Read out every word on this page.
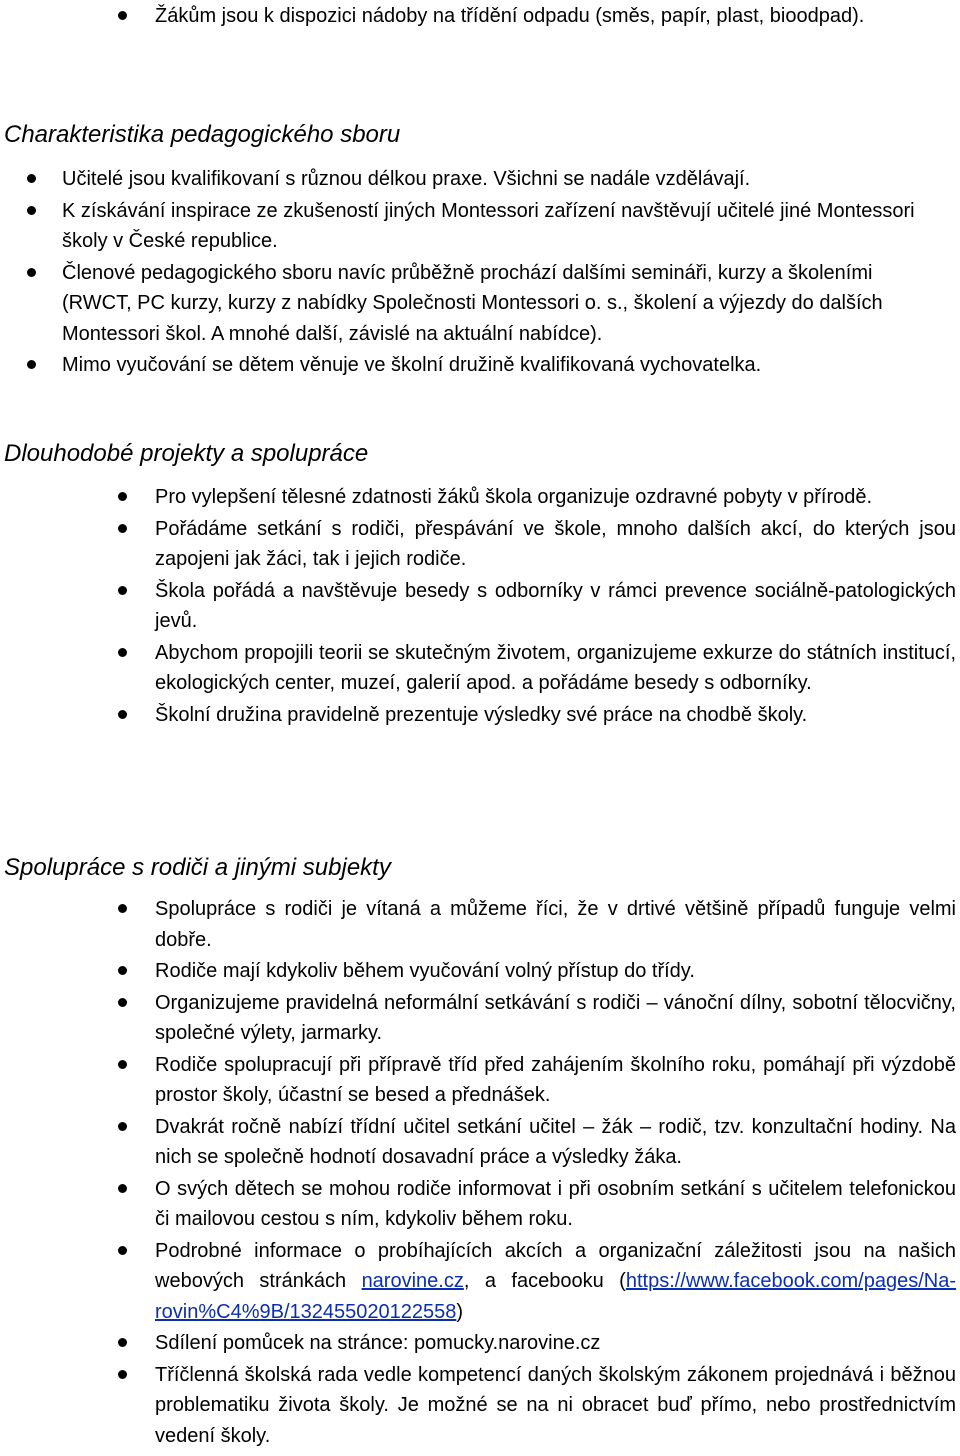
Žákům jsou k dispozici nádoby na třídění odpadu (směs, papír, plast, bioodpad).
Charakteristika pedagogického sboru
Učitelé jsou kvalifikovaní s různou délkou praxe. Všichni se nadále vzdělávají.
K získávání inspirace ze zkušeností jiných Montessori zařízení navštěvují učitelé jiné Montessori školy v České republice.
Členové pedagogického sboru navíc průběžně prochází dalšími semináři, kurzy a školeními (RWCT, PC kurzy, kurzy z nabídky Společnosti Montessori o. s., školení a výjezdy do dalších Montessori škol. A mnohé další, závislé na aktuální nabídce).
Mimo vyučování se dětem věnuje ve školní družině kvalifikovaná vychovatelka.
Dlouhodobé projekty a spolupráce
Pro vylepšení tělesné zdatnosti žáků škola organizuje ozdravné pobyty v přírodě.
Pořádáme setkání s rodiči, přespávání ve škole, mnoho dalších akcí, do kterých jsou zapojeni jak žáci, tak i jejich rodiče.
Škola pořádá a navštěvuje besedy s odborníky v rámci prevence sociálně-patologických jevů.
Abychom propojili teorii se skutečným životem, organizujeme exkurze do státních institucí, ekologických center, muzeí, galerií apod. a pořádáme besedy s odborníky.
Školní družina pravidelně prezentuje výsledky své práce na chodbě školy.
Spolupráce s rodiči a jinými subjekty
Spolupráce s rodiči je vítaná a můžeme říci, že v drtivé většině případů funguje velmi dobře.
Rodiče mají kdykoliv během vyučování volný přístup do třídy.
Organizujeme pravidelná neformální setkávání s rodiči – vánoční dílny, sobotní tělocvičny, společné výlety, jarmarky.
Rodiče spolupracují při přípravě tříd před zahájením školního roku, pomáhají při výzdobě prostor školy, účastní se besed a přednášek.
Dvakrát ročně nabízí třídní učitel setkání učitel – žák – rodič, tzv. konzultační hodiny. Na nich se společně hodnotí dosavadní práce a výsledky žáka.
O svých dětech se mohou rodiče informovat i při osobním setkání s učitelem telefonickou či mailovou cestou s ním, kdykoliv během roku.
Podrobné informace o probíhajících akcích a organizační záležitosti jsou na našich webových stránkách narovine.cz, a facebooku (https://www.facebook.com/pages/Na-rovin%C4%9B/132455020122558)
Sdílení pomůcek na stránce: pomucky.narovine.cz
Tříčlenná školská rada vedle kompetencí daných školským zákonem projednává i běžnou problematiku života školy. Je možné se na ni obracet buď přímo, nebo prostřednictvím vedení školy.
